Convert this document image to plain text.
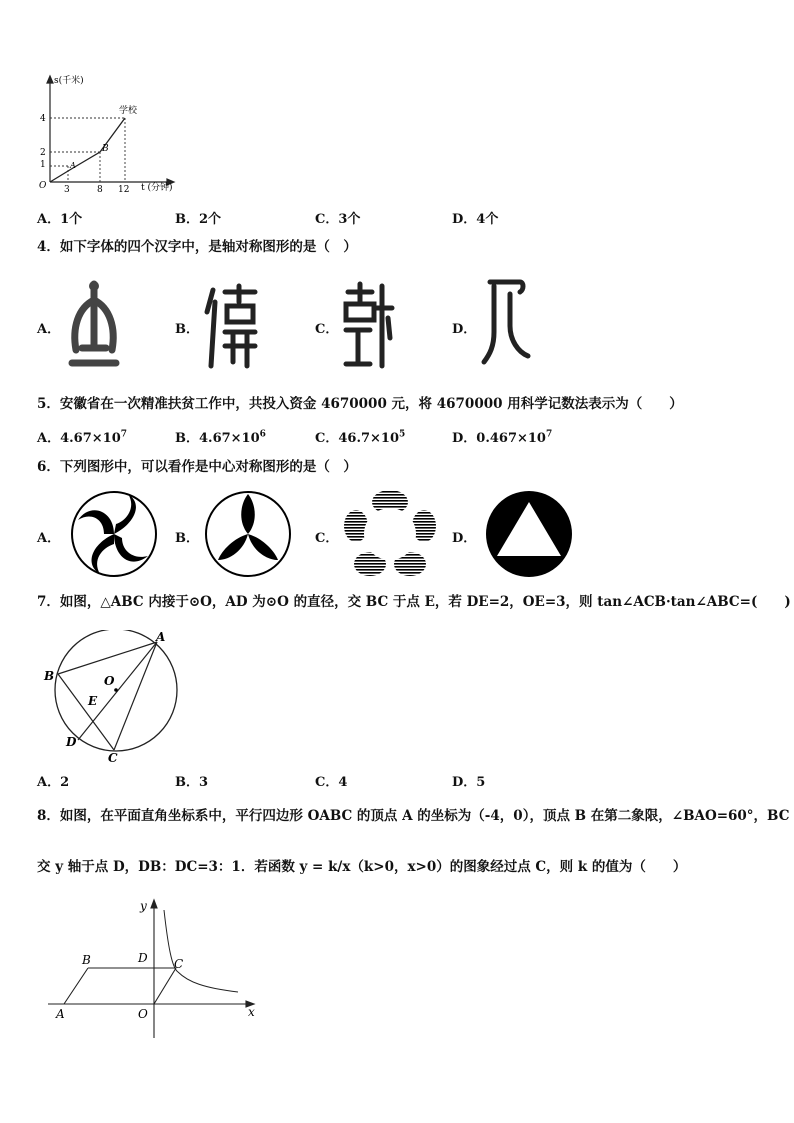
s(千米)
学校
B
A
4
2
1
O 3	8 12 t (分钟)
A．1个	B．2个	C．3个	D．4个
4．如下字体的四个汉字中，是轴对称图形的是（　）
A．	B．	C．	D．
5．安徽省在一次精准扶贫工作中，共投入资金 4670000 元，将 4670000 用科学记数法表示为（　　）
A．$4.67\times 10^7$	B．$4.67\times 10^6$	C．$46.7\times 10^5$	D．$0.467\times 10^7$
6．下列图形中，可以看作是中心对称图形的是（　）
A．	B．	C．	D．
7．如图，△ABC 内接于⊙O，AD 为⊙O 的直径，交 BC 于点 E，若 DE=2，OE=3，则 tan∠ACB·tan∠ABC=(　　)
A
B	O
E
D
C
A．2	B．3	C．4	D．5
8．如图，在平面直角坐标系中，平行四边形 OABC 的顶点 A 的坐标为（-4，0），顶点 B 在第二象限，∠BAO=60°，BC
交 y 轴于点 D，DB：DC=3：1．若函数 y = k/x（k>0，x>0）的图象经过点 C，则 k 的值为（　　）
y
x
B	D C
A	O
